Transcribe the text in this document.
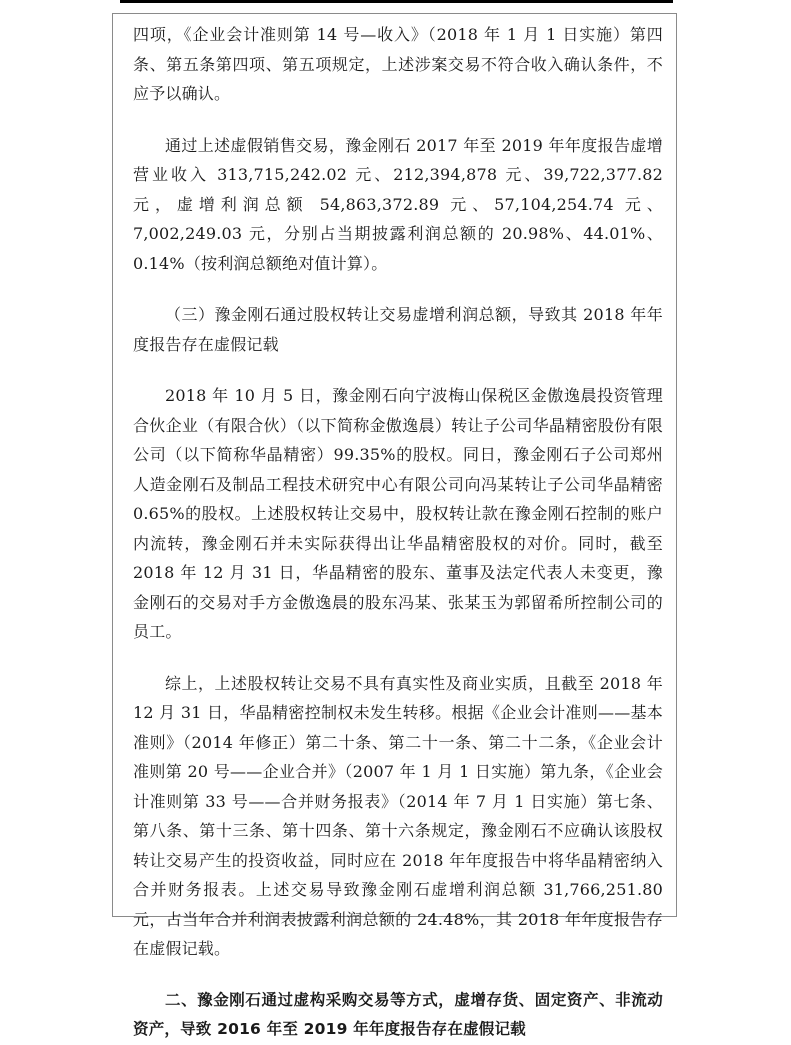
四项，《企业会计准则第 14 号—收入》（2018 年 1 月 1 日实施）第四条、第五条第四项、第五项规定，上述涉案交易不符合收入确认条件，不应予以确认。

通过上述虚假销售交易，豫金刚石 2017 年至 2019 年年度报告虚增营业收入 313,715,242.02 元、212,394,878 元、39,722,377.82 元，虚增利润总额 54,863,372.89 元、57,104,254.74 元、7,002,249.03 元，分别占当期披露利润总额的 20.98%、44.01%、0.14%（按利润总额绝对值计算）。

（三）豫金刚石通过股权转让交易虚增利润总额，导致其 2018 年年度报告存在虚假记载

2018 年 10 月 5 日，豫金刚石向宁波梅山保税区金傲逸晨投资管理合伙企业（有限合伙）（以下简称金傲逸晨）转让子公司华晶精密股份有限公司（以下简称华晶精密）99.35%的股权。同日，豫金刚石子公司郑州人造金刚石及制品工程技术研究中心有限公司向冯某转让子公司华晶精密 0.65%的股权。上述股权转让交易中，股权转让款在豫金刚石控制的账户内流转，豫金刚石并未实际获得出让华晶精密股权的对价。同时，截至 2018 年 12 月 31 日，华晶精密的股东、董事及法定代表人未变更，豫金刚石的交易对手方金傲逸晨的股东冯某、张某玉为郭留希所控制公司的员工。

综上，上述股权转让交易不具有真实性及商业实质，且截至 2018 年 12 月 31 日，华晶精密控制权未发生转移。根据《企业会计准则——基本准则》（2014 年修正）第二十条、第二十一条、第二十二条，《企业会计准则第 20 号——企业合并》（2007 年 1 月 1 日实施）第九条，《企业会计准则第 33 号——合并财务报表》（2014 年 7 月 1 日实施）第七条、第八条、第十三条、第十四条、第十六条规定，豫金刚石不应确认该股权转让交易产生的投资收益，同时应在 2018 年年度报告中将华晶精密纳入合并财务报表。上述交易导致豫金刚石虚增利润总额 31,766,251.80 元，占当年合并利润表披露利润总额的 24.48%，其 2018 年年度报告存在虚假记载。

二、豫金刚石通过虚构采购交易等方式，虚增存货、固定资产、非流动资产，导致 2016 年至 2019 年年度报告存在虚假记载
